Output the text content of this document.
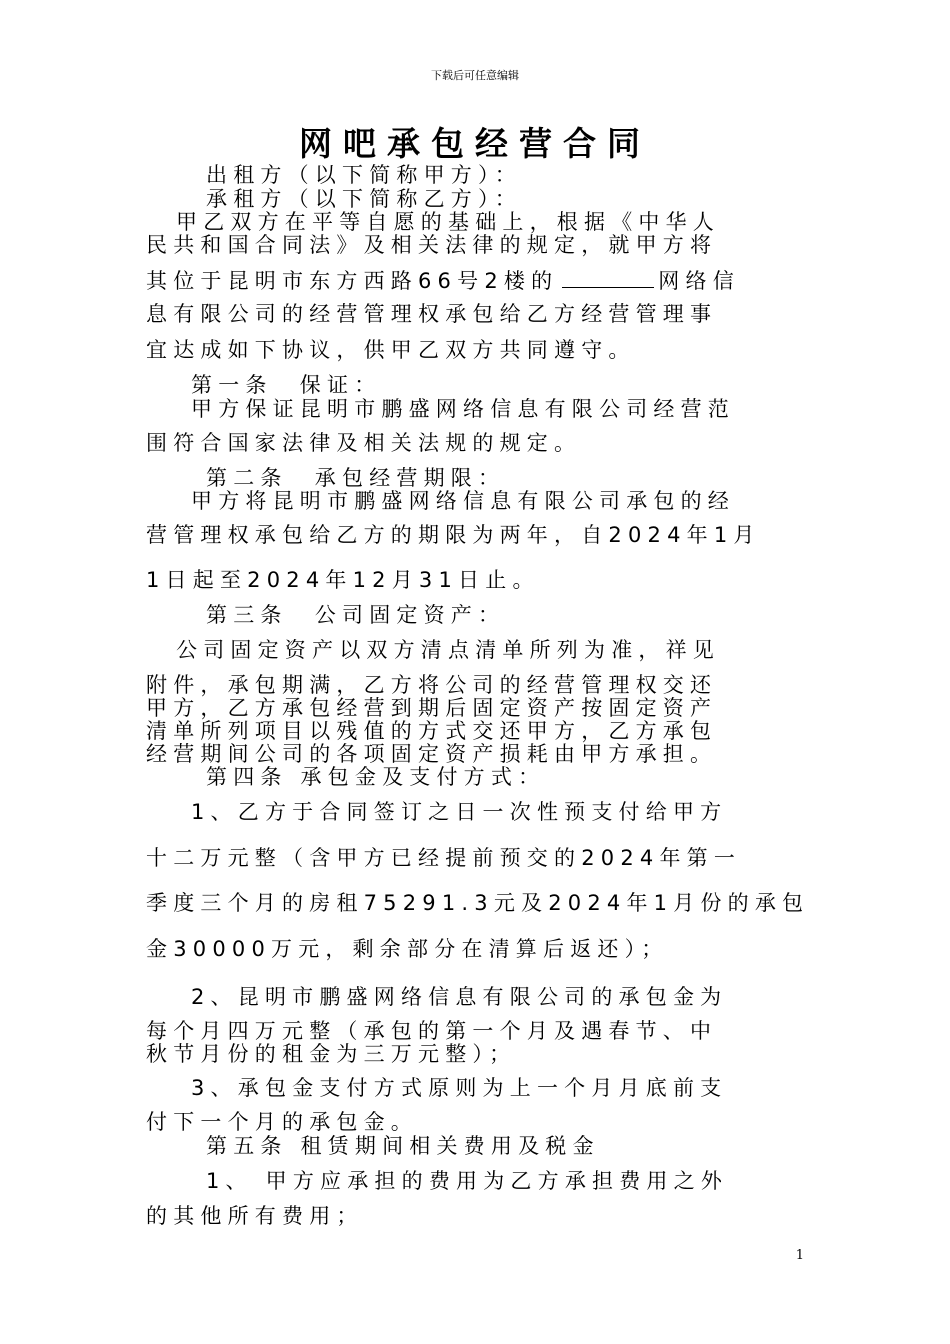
下载后可任意编辑
网吧承包经营合同
出租方（以下简称甲方）：
承租方（以下简称乙方）：
甲乙双方在平等自愿的基础上，根据《中华人
民共和国合同法》及相关法律的规定，就甲方将
其位于昆明市东方西路66号2楼的	网络信
息有限公司的经营管理权承包给乙方经营管理事
宜达成如下协议，供甲乙双方共同遵守。
第一条　保证：
甲方保证昆明市鹏盛网络信息有限公司经营范
围符合国家法律及相关法规的规定。
第二条　承包经营期限：
甲方将昆明市鹏盛网络信息有限公司承包的经
营管理权承包给乙方的期限为两年，自2024年1月
1日起至2024年12月31日止。
第三条　公司固定资产：
公司固定资产以双方清点清单所列为准，祥见
附件，承包期满，乙方将公司的经营管理权交还
甲方，乙方承包经营到期后固定资产按固定资产
清单所列项目以残值的方式交还甲方，乙方承包
经营期间公司的各项固定资产损耗由甲方承担。
第四条 承包金及支付方式：
1、乙方于合同签订之日一次性预支付给甲方
十二万元整（含甲方已经提前预交的2024年第一
季度三个月的房租75291.3元及2024年1月份的承包
金30000万元，剩余部分在清算后返还）；
2、昆明市鹏盛网络信息有限公司的承包金为
每个月四万元整（承包的第一个月及遇春节、中
秋节月份的租金为三万元整）；
3、承包金支付方式原则为上一个月月底前支
付下一个月的承包金。
第五条 租赁期间相关费用及税金
1、 甲方应承担的费用为乙方承担费用之外
的其他所有费用；
1
